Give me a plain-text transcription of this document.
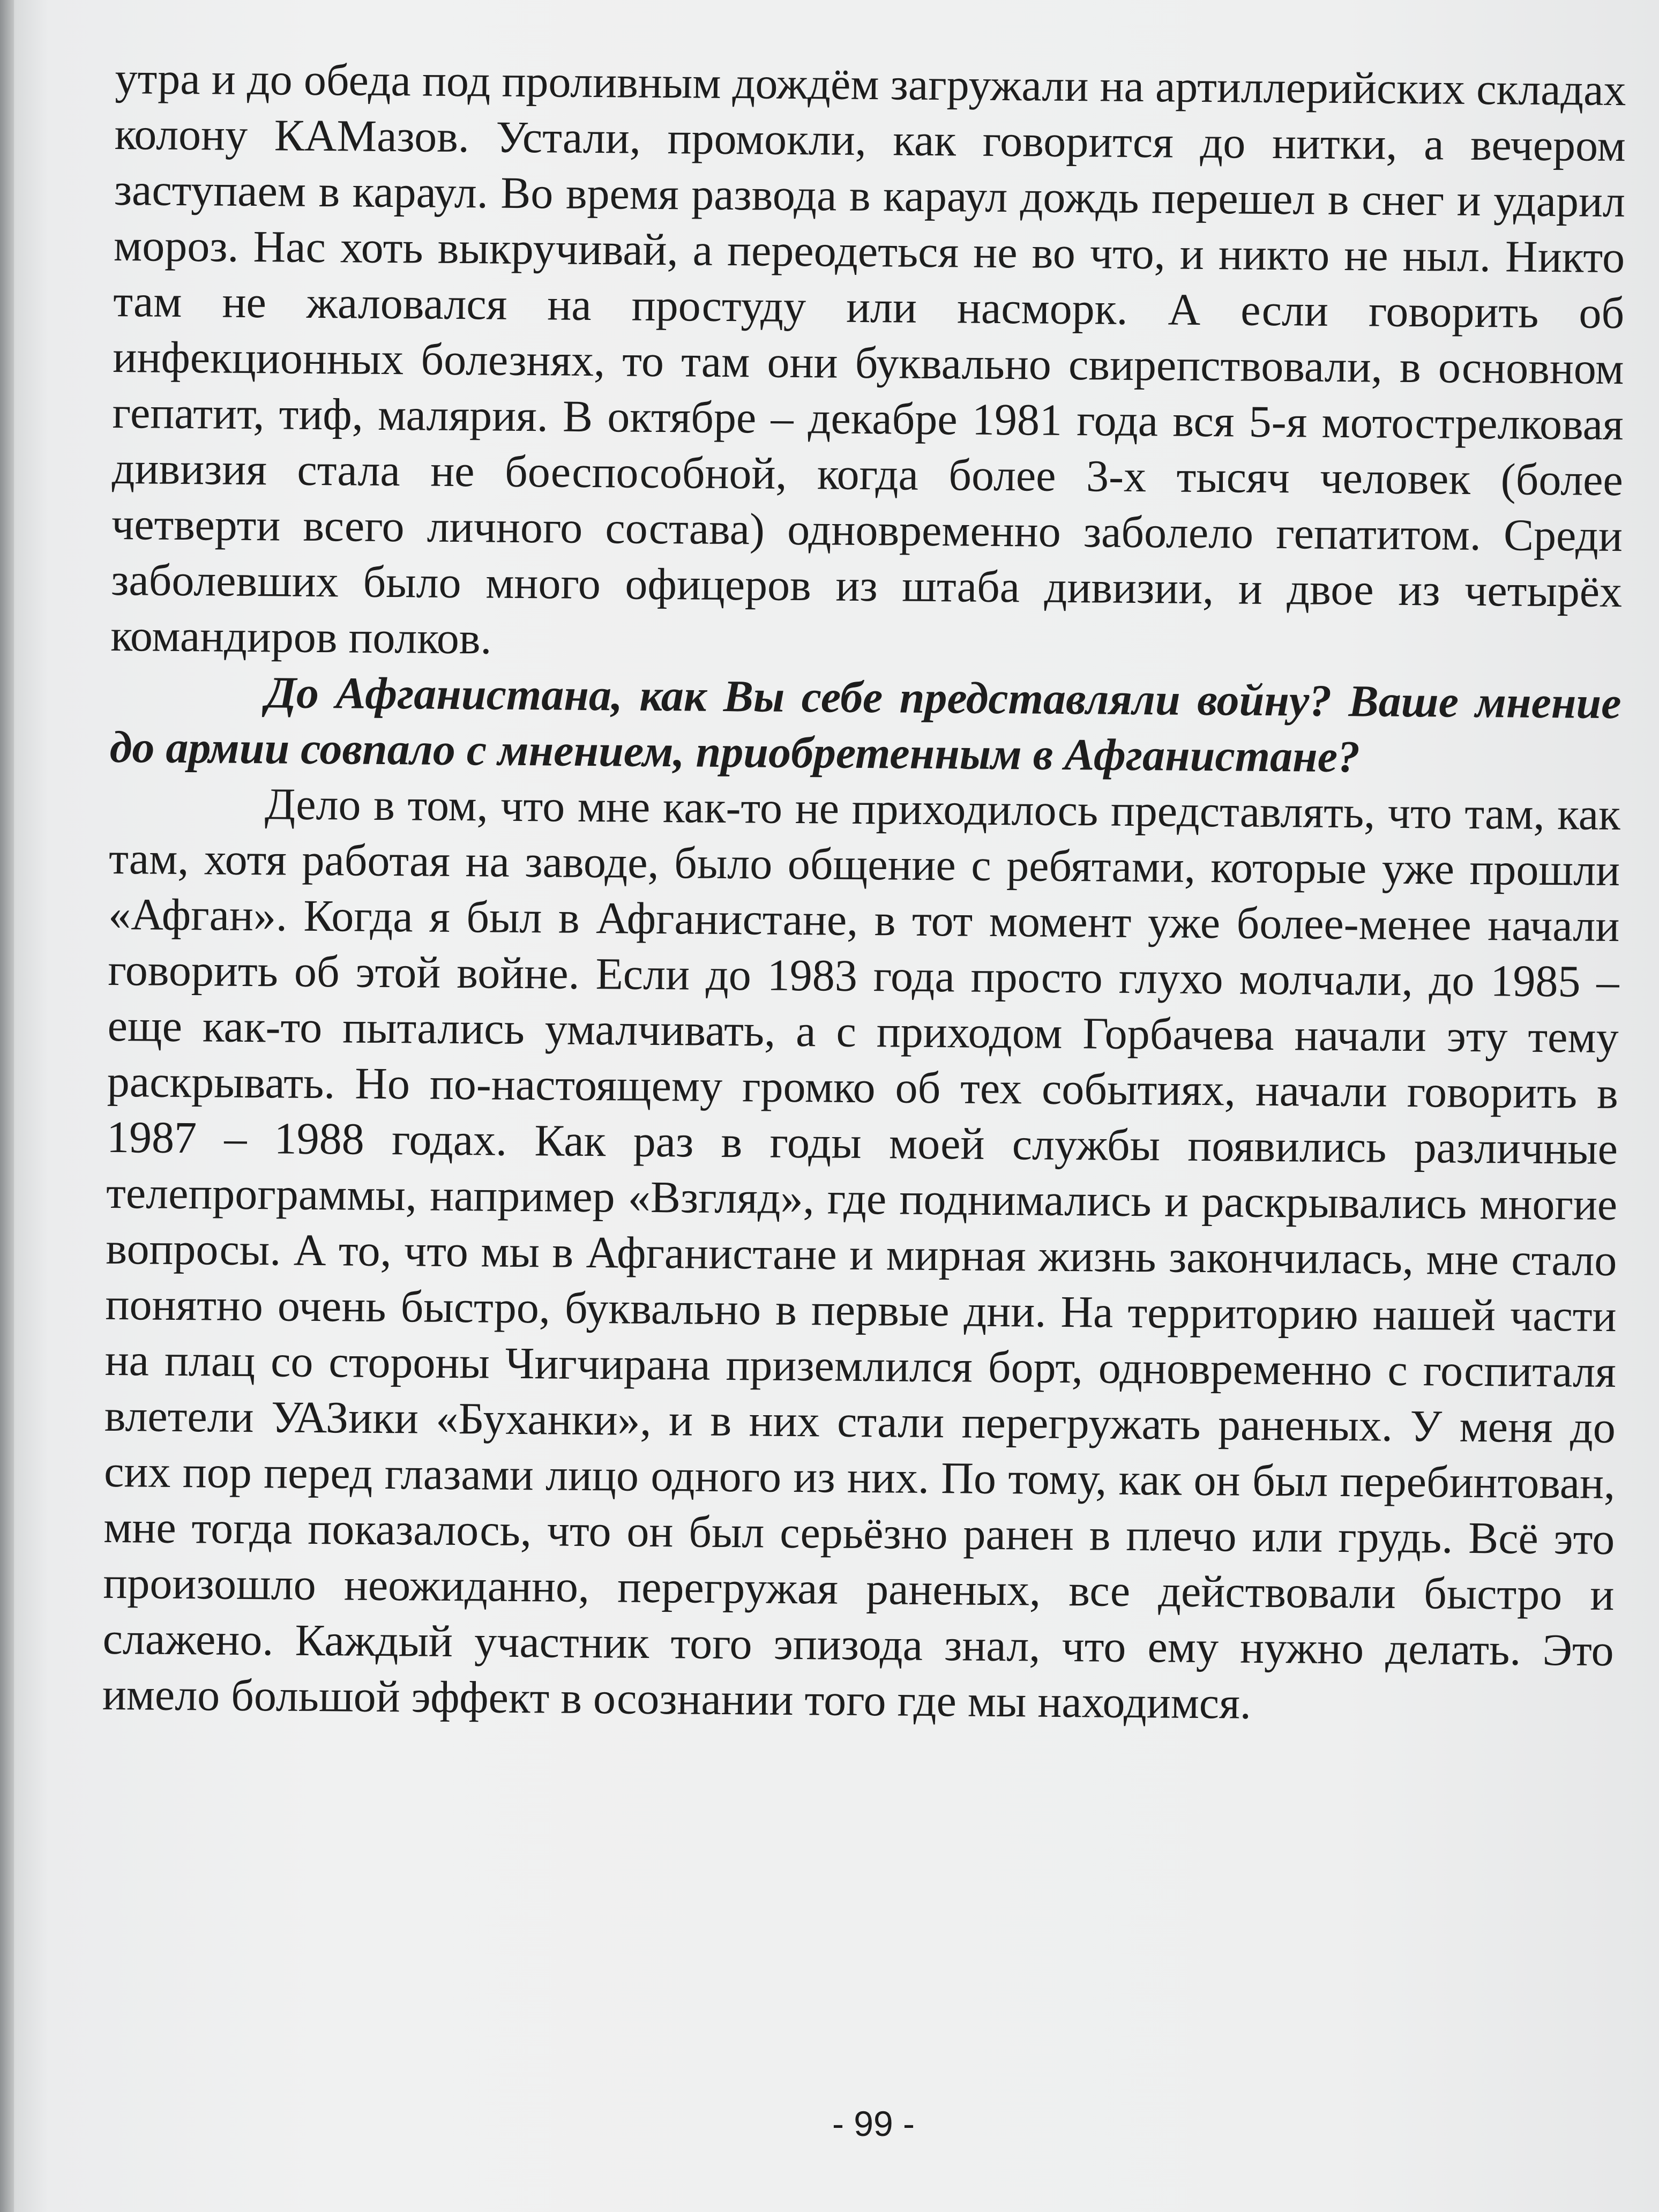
утра и до обеда под проливным дождём загружали на артиллерийских складах колону КАМазов. Устали, промокли, как говорится до нитки, а вечером заступаем в караул. Во время развода в караул дождь перешел в снег и ударил мороз. Нас хоть выкручивай, а переодеться не во что, и никто не ныл. Никто там не жаловался на простуду или насморк. А если говорить об инфекционных болезнях, то там они буквально свирепствовали, в основном гепатит, тиф, малярия. В октябре – декабре 1981 года вся 5-я мотострелковая дивизия стала не боеспособной, когда более 3-х тысяч человек (более четверти всего личного состава) одновременно заболело гепатитом. Среди заболевших было много офицеров из штаба дивизии, и двое из четырёх командиров полков.

До Афганистана, как Вы себе представляли войну? Ваше мнение до армии совпало с мнением, приобретенным в Афганистане?

Дело в том, что мне как-то не приходилось представлять, что там, как там, хотя работая на заводе, было общение с ребятами, которые уже прошли «Афган». Когда я был в Афганистане, в тот момент уже более-менее начали говорить об этой войне. Если до 1983 года просто глухо молчали, до 1985 – еще как-то пытались умалчивать, а с приходом Горбачева начали эту тему раскрывать. Но по-настоящему громко об тех событиях, начали говорить в 1987 – 1988 годах. Как раз в годы моей службы появились различные телепрограммы, например «Взгляд», где поднимались и раскрывались многие вопросы. А то, что мы в Афганистане и мирная жизнь закончилась, мне стало понятно очень быстро, буквально в первые дни. На территорию нашей части на плац со стороны Чигчирана приземлился борт, одновременно с госпиталя влетели УАЗики «Буханки», и в них стали перегружать раненых. У меня до сих пор перед глазами лицо одного из них. По тому, как он был перебинтован, мне тогда показалось, что он был серьёзно ранен в плечо или грудь. Всё это произошло неожиданно, перегружая раненых, все действовали быстро и слажено. Каждый участник того эпизода знал, что ему нужно делать. Это имело большой эффект в осознании того где мы находимся.

- 99 -
